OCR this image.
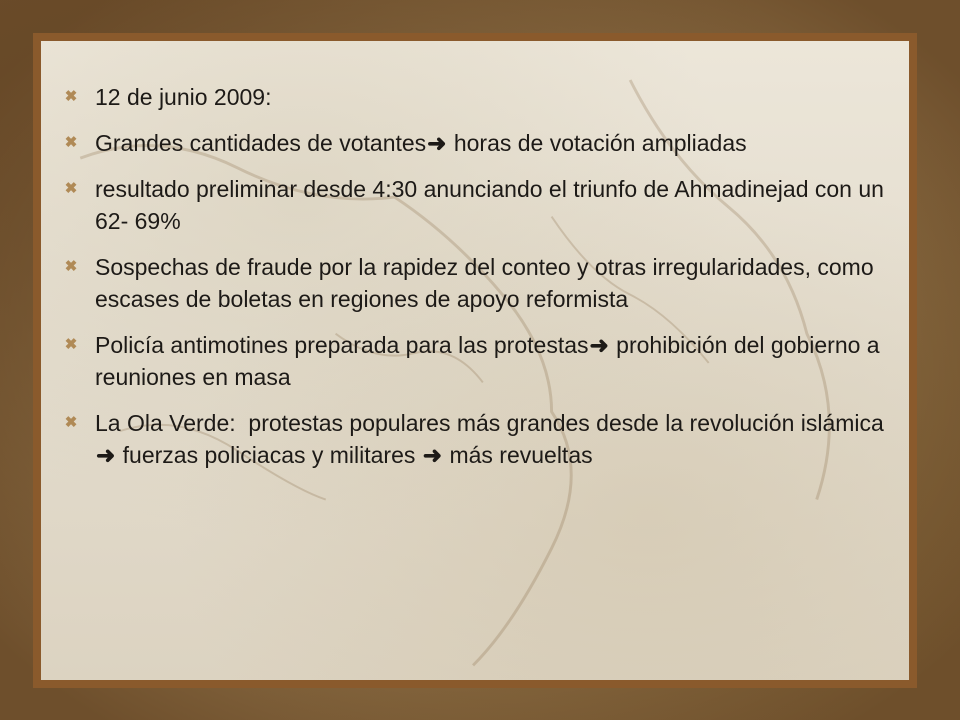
✖ 12 de junio 2009:
✖ Grandes cantidades de votantes➜ horas de votación ampliadas
✖ resultado preliminar desde 4:30 anunciando el triunfo de Ahmadinejad con un 62- 69%
✖ Sospechas de fraude por la rapidez del conteo y otras irregularidades, como escases de boletas en regiones de apoyo reformista
✖ Policía antimotines preparada para las protestas➜ prohibición del gobierno a reuniones en masa
✖ La Ola Verde:  protestas populares más grandes desde la revolución islámica➜ fuerzas policiacas y militares ➜ más revueltas
